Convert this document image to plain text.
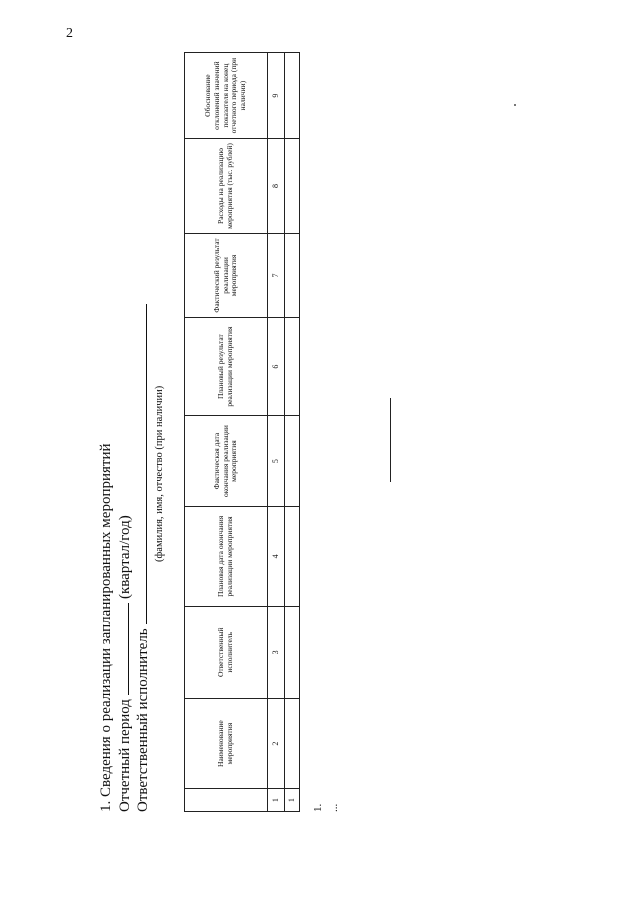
2
1. Сведения о реализации запланированных мероприятий Отчетный период(квартал/год)
Ответственный исполнитель
(фамилия, имя, отчество (при наличии)
	Наименование мероприятия	Ответственный исполнитель	Плановая дата окончания реализации мероприятия	Фактическая дата окончания реализации мероприятия	Плановый результат реализации мероприятия	Фактический результат реализации мероприятия	Расходы на реализацию мероприятия (тыс. рублей)	Обоснование отклонений значений показателя на конец отчетного периода (при наличии)
1	2	3	4	5	6	7	8	9
1								
1. ...
